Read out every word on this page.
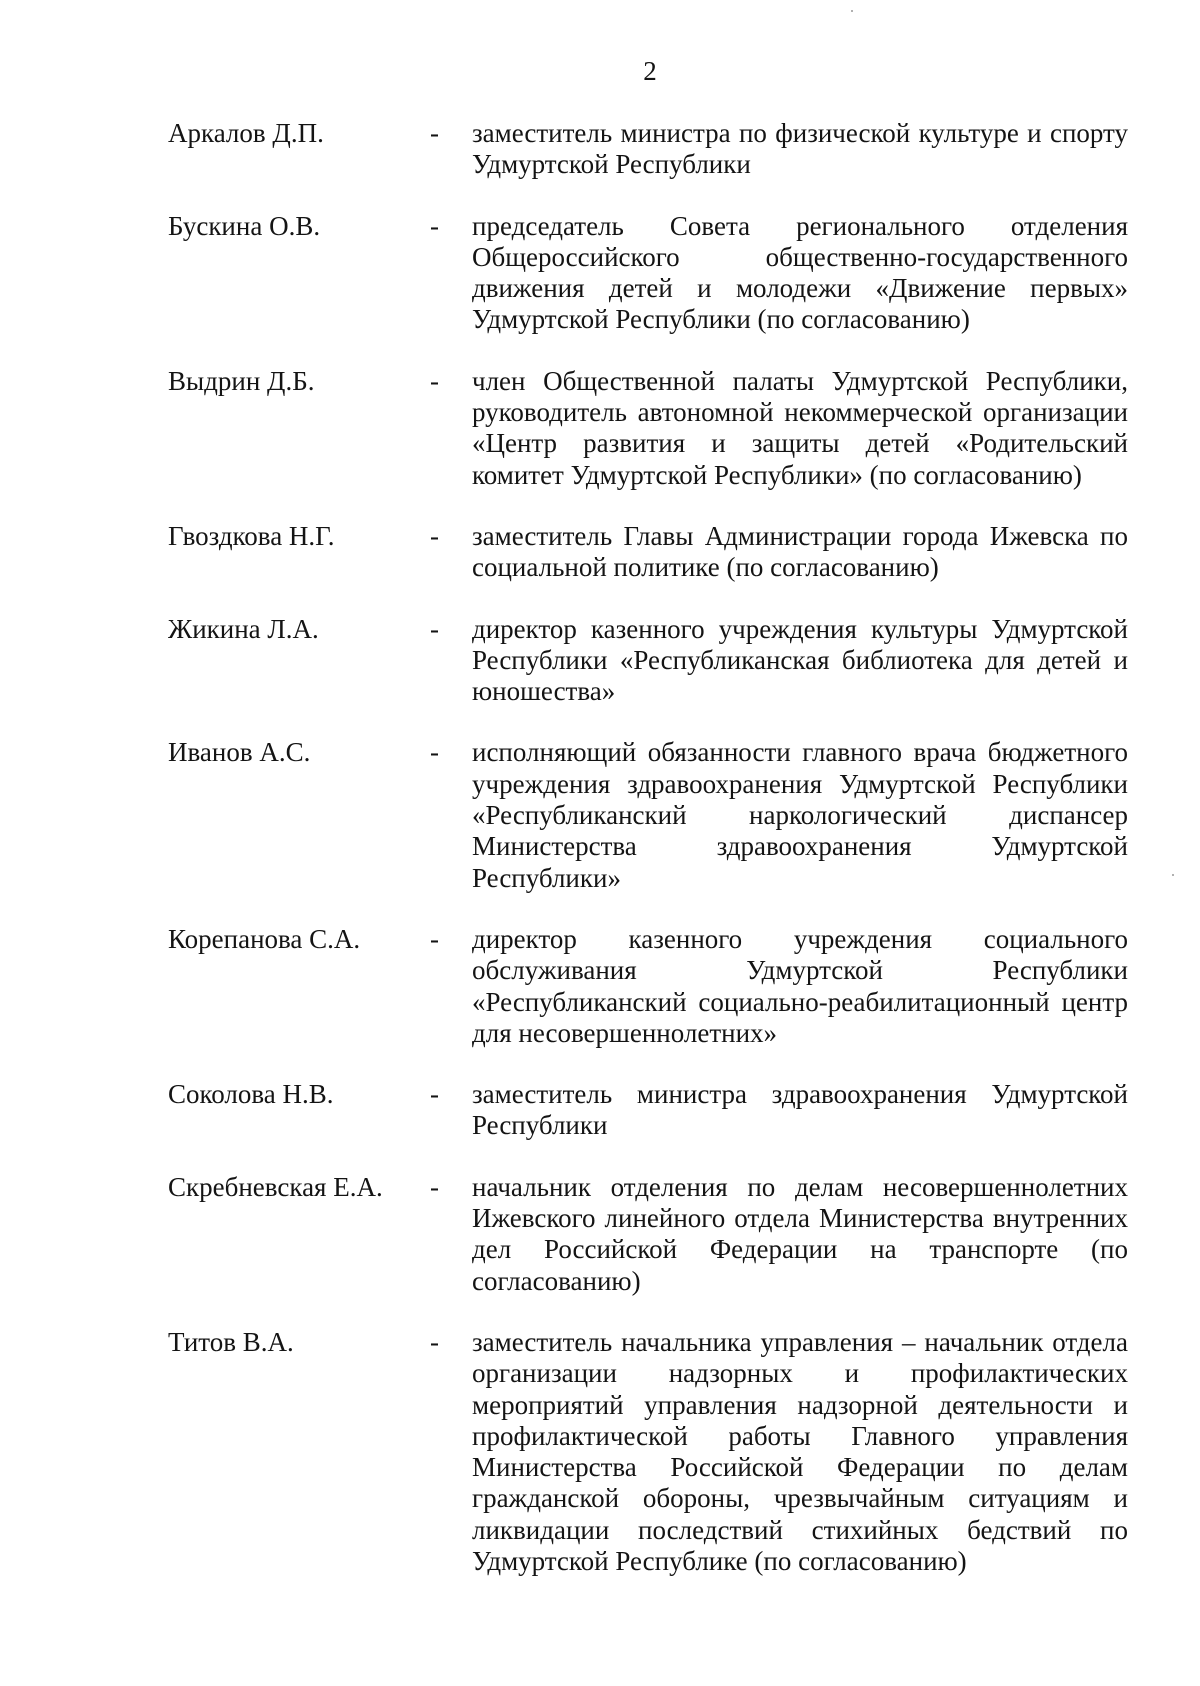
2
Аркалов Д.П.	-	заместитель министра по физической культуре и спорту Удмуртской Республики
Бускина О.В.	-	председатель Совета регионального отделения Общероссийского общественно-государственного движения детей и молодежи «Движение первых» Удмуртской Республики (по согласованию)
Выдрин Д.Б.	-	член Общественной палаты Удмуртской Республики, руководитель автономной некоммерческой организации «Центр развития и защиты детей «Родительский комитет Удмуртской Республики» (по согласованию)
Гвоздкова Н.Г.	-	заместитель Главы Администрации города Ижевска по социальной политике (по согласованию)
Жикина Л.А.	-	директор казенного учреждения культуры Удмуртской Республики «Республиканская библиотека для детей и юношества»
Иванов А.С.	-	исполняющий обязанности главного врача бюджетного учреждения здравоохранения Удмуртской Республики «Республиканский наркологический диспансер Министерства здравоохранения Удмуртской Республики»
Корепанова С.А.	-	директор казенного учреждения социального обслуживания Удмуртской Республики «Республиканский социально-реабилитационный центр для несовершеннолетних»
Соколова Н.В.	-	заместитель министра здравоохранения Удмуртской Республики
Скребневская Е.А.	-	начальник отделения по делам несовершеннолетних Ижевского линейного отдела Министерства внутренних дел Российской Федерации на транспорте (по согласованию)
Титов В.А.	-	заместитель начальника управления – начальник отдела организации надзорных и профилактических мероприятий управления надзорной деятельности и профилактической работы Главного управления Министерства Российской Федерации по делам гражданской обороны, чрезвычайным ситуациям и ликвидации последствий стихийных бедствий по Удмуртской Республике (по согласованию)
